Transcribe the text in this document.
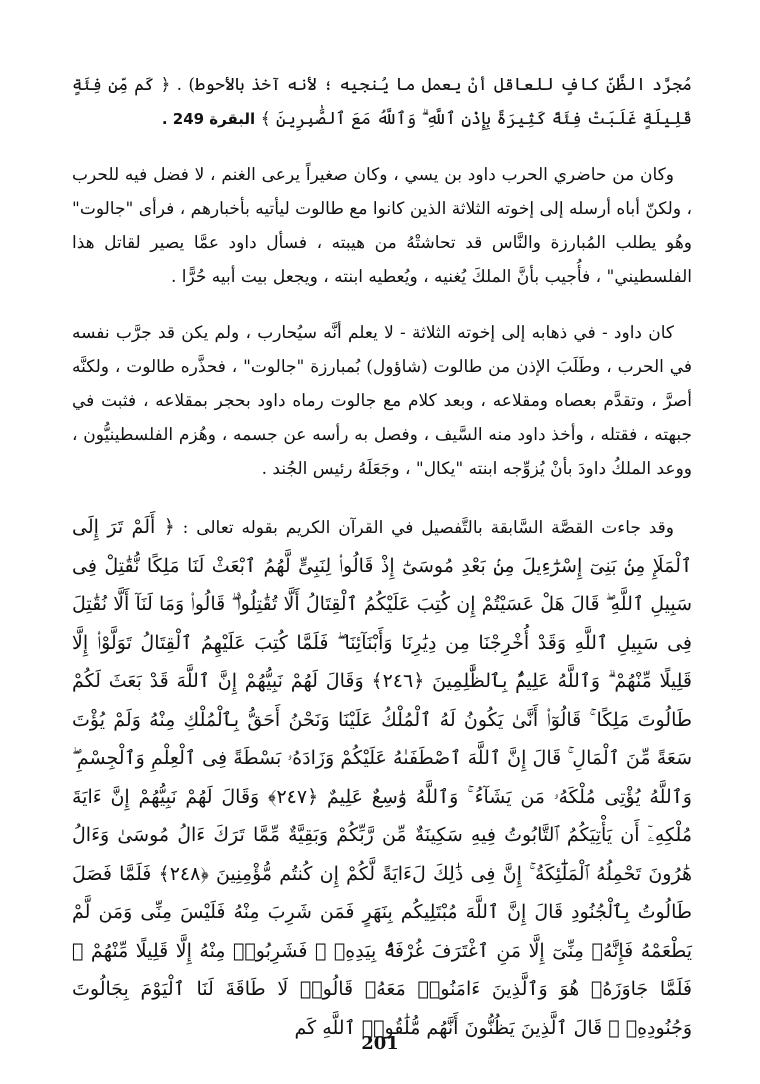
مُجرَّد الظَّنّ كافٍ للعاقل أنْ يعمل ما يُنجيه ؛ لأنه آخذ بالأحوط) . ﴿ كَم مِّن فِئَةٍ قَلِيلَةٍ غَلَبَتْ فِئَةً كَثِيرَةً بِإِذْنِ ٱللَّهِ ۗ وَٱللَّهُ مَعَ ٱلصَّٰبِرِينَ ﴾ البقرة 249 .

وكان من حاضري الحرب داود بن يسي ، وكان صغيراً يرعى الغنم ، لا فضل فيه للحرب ، ولكنّ أباه أرسله إلى إخوته الثلاثة الذين كانوا مع طالوت ليأتيه بأخبارهم ، فرأى "جالوت" وهُو يطلب المُبارزة والنَّاس قد تحاشتْهُ من هيبته ، فسأل داود عمَّا يصير لقاتل هذا الفلسطيني" ، فأُجيب بأنَّ الملكَ يُغنيه ، ويُعطيه ابنته ، ويجعل بيت أبيه حُرًّا .

كان داود - في ذهابه إلى إخوته الثلاثة - لا يعلم أنَّه سيُحارب ، ولم يكن قد جرَّب نفسه في الحرب ، وطَلَبَ الإذن من طالوت (شاؤول) بُمبارزة "جالوت" ، فحذَّره طالوت ، ولكنَّه أصرَّ ، وتقدَّم بعصاه ومقلاعه ، وبعد كلام مع جالوت رماه داود بحجر بمقلاعه ، فثبت في جبهته ، فقتله ، وأخذ داود منه السَّيف ، وفصل به رأسه عن جسمه ، وهُزم الفلسطينيُّون ، ووعد الملكُ داودَ بأنْ يُزوِّجه ابنته "يكال" ، وجَعَلَهُ رئيس الجُند .

وقد جاءت القصَّة السَّابقة بالتَّفصيل في القرآن الكريم بقوله تعالى : ﴿ أَلَمْ تَرَ إِلَى ٱلْمَلَإِ مِنۢ بَنِىٓ إِسْرَٰٓءِيلَ مِنۢ بَعْدِ مُوسَىٰٓ إِذْ قَالُوا۟ لِنَبِىٍّ لَّهُمُ ٱبْعَثْ لَنَا مَلِكًا نُّقَٰتِلْ فِى سَبِيلِ ٱللَّهِ ۖ قَالَ هَلْ عَسَيْتُمْ إِن كُتِبَ عَلَيْكُمُ ٱلْقِتَالُ أَلَّا تُقَٰتِلُوا۟ ۖ قَالُوا۟ وَمَا لَنَآ أَلَّا نُقَٰتِلَ فِى سَبِيلِ ٱللَّهِ وَقَدْ أُخْرِجْنَا مِن دِيَٰرِنَا وَأَبْنَآئِنَا ۖ فَلَمَّا كُتِبَ عَلَيْهِمُ ٱلْقِتَالُ تَوَلَّوْا۟ إِلَّا قَلِيلًا مِّنْهُمْ ۗ وَٱللَّهُ عَلِيمٌۢ بِٱلظَّٰلِمِينَ ﴿٢٤٦﴾ وَقَالَ لَهُمْ نَبِيُّهُمْ إِنَّ ٱللَّهَ قَدْ بَعَثَ لَكُمْ طَالُوتَ مَلِكًا ۚ قَالُوٓا۟ أَنَّىٰ يَكُونُ لَهُ ٱلْمُلْكُ عَلَيْنَا وَنَحْنُ أَحَقُّ بِٱلْمُلْكِ مِنْهُ وَلَمْ يُؤْتَ سَعَةً مِّنَ ٱلْمَالِ ۚ قَالَ إِنَّ ٱللَّهَ ٱصْطَفَىٰهُ عَلَيْكُمْ وَزَادَهُۥ بَسْطَةً فِى ٱلْعِلْمِ وَٱلْجِسْمِ ۖ وَٱللَّهُ يُؤْتِى مُلْكَهُۥ مَن يَشَآءُ ۚ وَٱللَّهُ وَٰسِعٌ عَلِيمٌ ﴿٢٤٧﴾ وَقَالَ لَهُمْ نَبِيُّهُمْ إِنَّ ءَايَةَ مُلْكِهِۦٓ أَن يَأْتِيَكُمُ ٱلتَّابُوتُ فِيهِ سَكِينَةٌ مِّن رَّبِّكُمْ وَبَقِيَّةٌ مِّمَّا تَرَكَ ءَالُ مُوسَىٰ وَءَالُ هَٰرُونَ تَحْمِلُهُ ٱلْمَلَٰٓئِكَةُ ۚ إِنَّ فِى ذَٰلِكَ لَءَايَةً لَّكُمْ إِن كُنتُم مُّؤْمِنِينَ ﴿٢٤٨﴾ فَلَمَّا فَصَلَ طَالُوتُ بِٱلْجُنُودِ قَالَ إِنَّ ٱللَّهَ مُبْتَلِيكُم بِنَهَرٍ فَمَن شَرِبَ مِنْهُ فَلَيْسَ مِنِّى وَمَن لَّمْ يَطْعَمْهُ فَإِنَّهُۥ مِنِّىٓ إِلَّا مَنِ ٱغْتَرَفَ غُرْفَةًۢ بِيَدِهِۦ ۚ فَشَرِبُوا۟ مِنْهُ إِلَّا قَلِيلًا مِّنْهُمْ ۚ فَلَمَّا جَاوَزَهُۥ هُوَ وَٱلَّذِينَ ءَامَنُوا۟ مَعَهُۥ قَالُوا۟ لَا طَاقَةَ لَنَا ٱلْيَوْمَ بِجَالُوتَ وَجُنُودِهِۦ ۚ قَالَ ٱلَّذِينَ يَظُنُّونَ أَنَّهُم مُّلَٰقُوا۟ ٱللَّهِ كَم

201
